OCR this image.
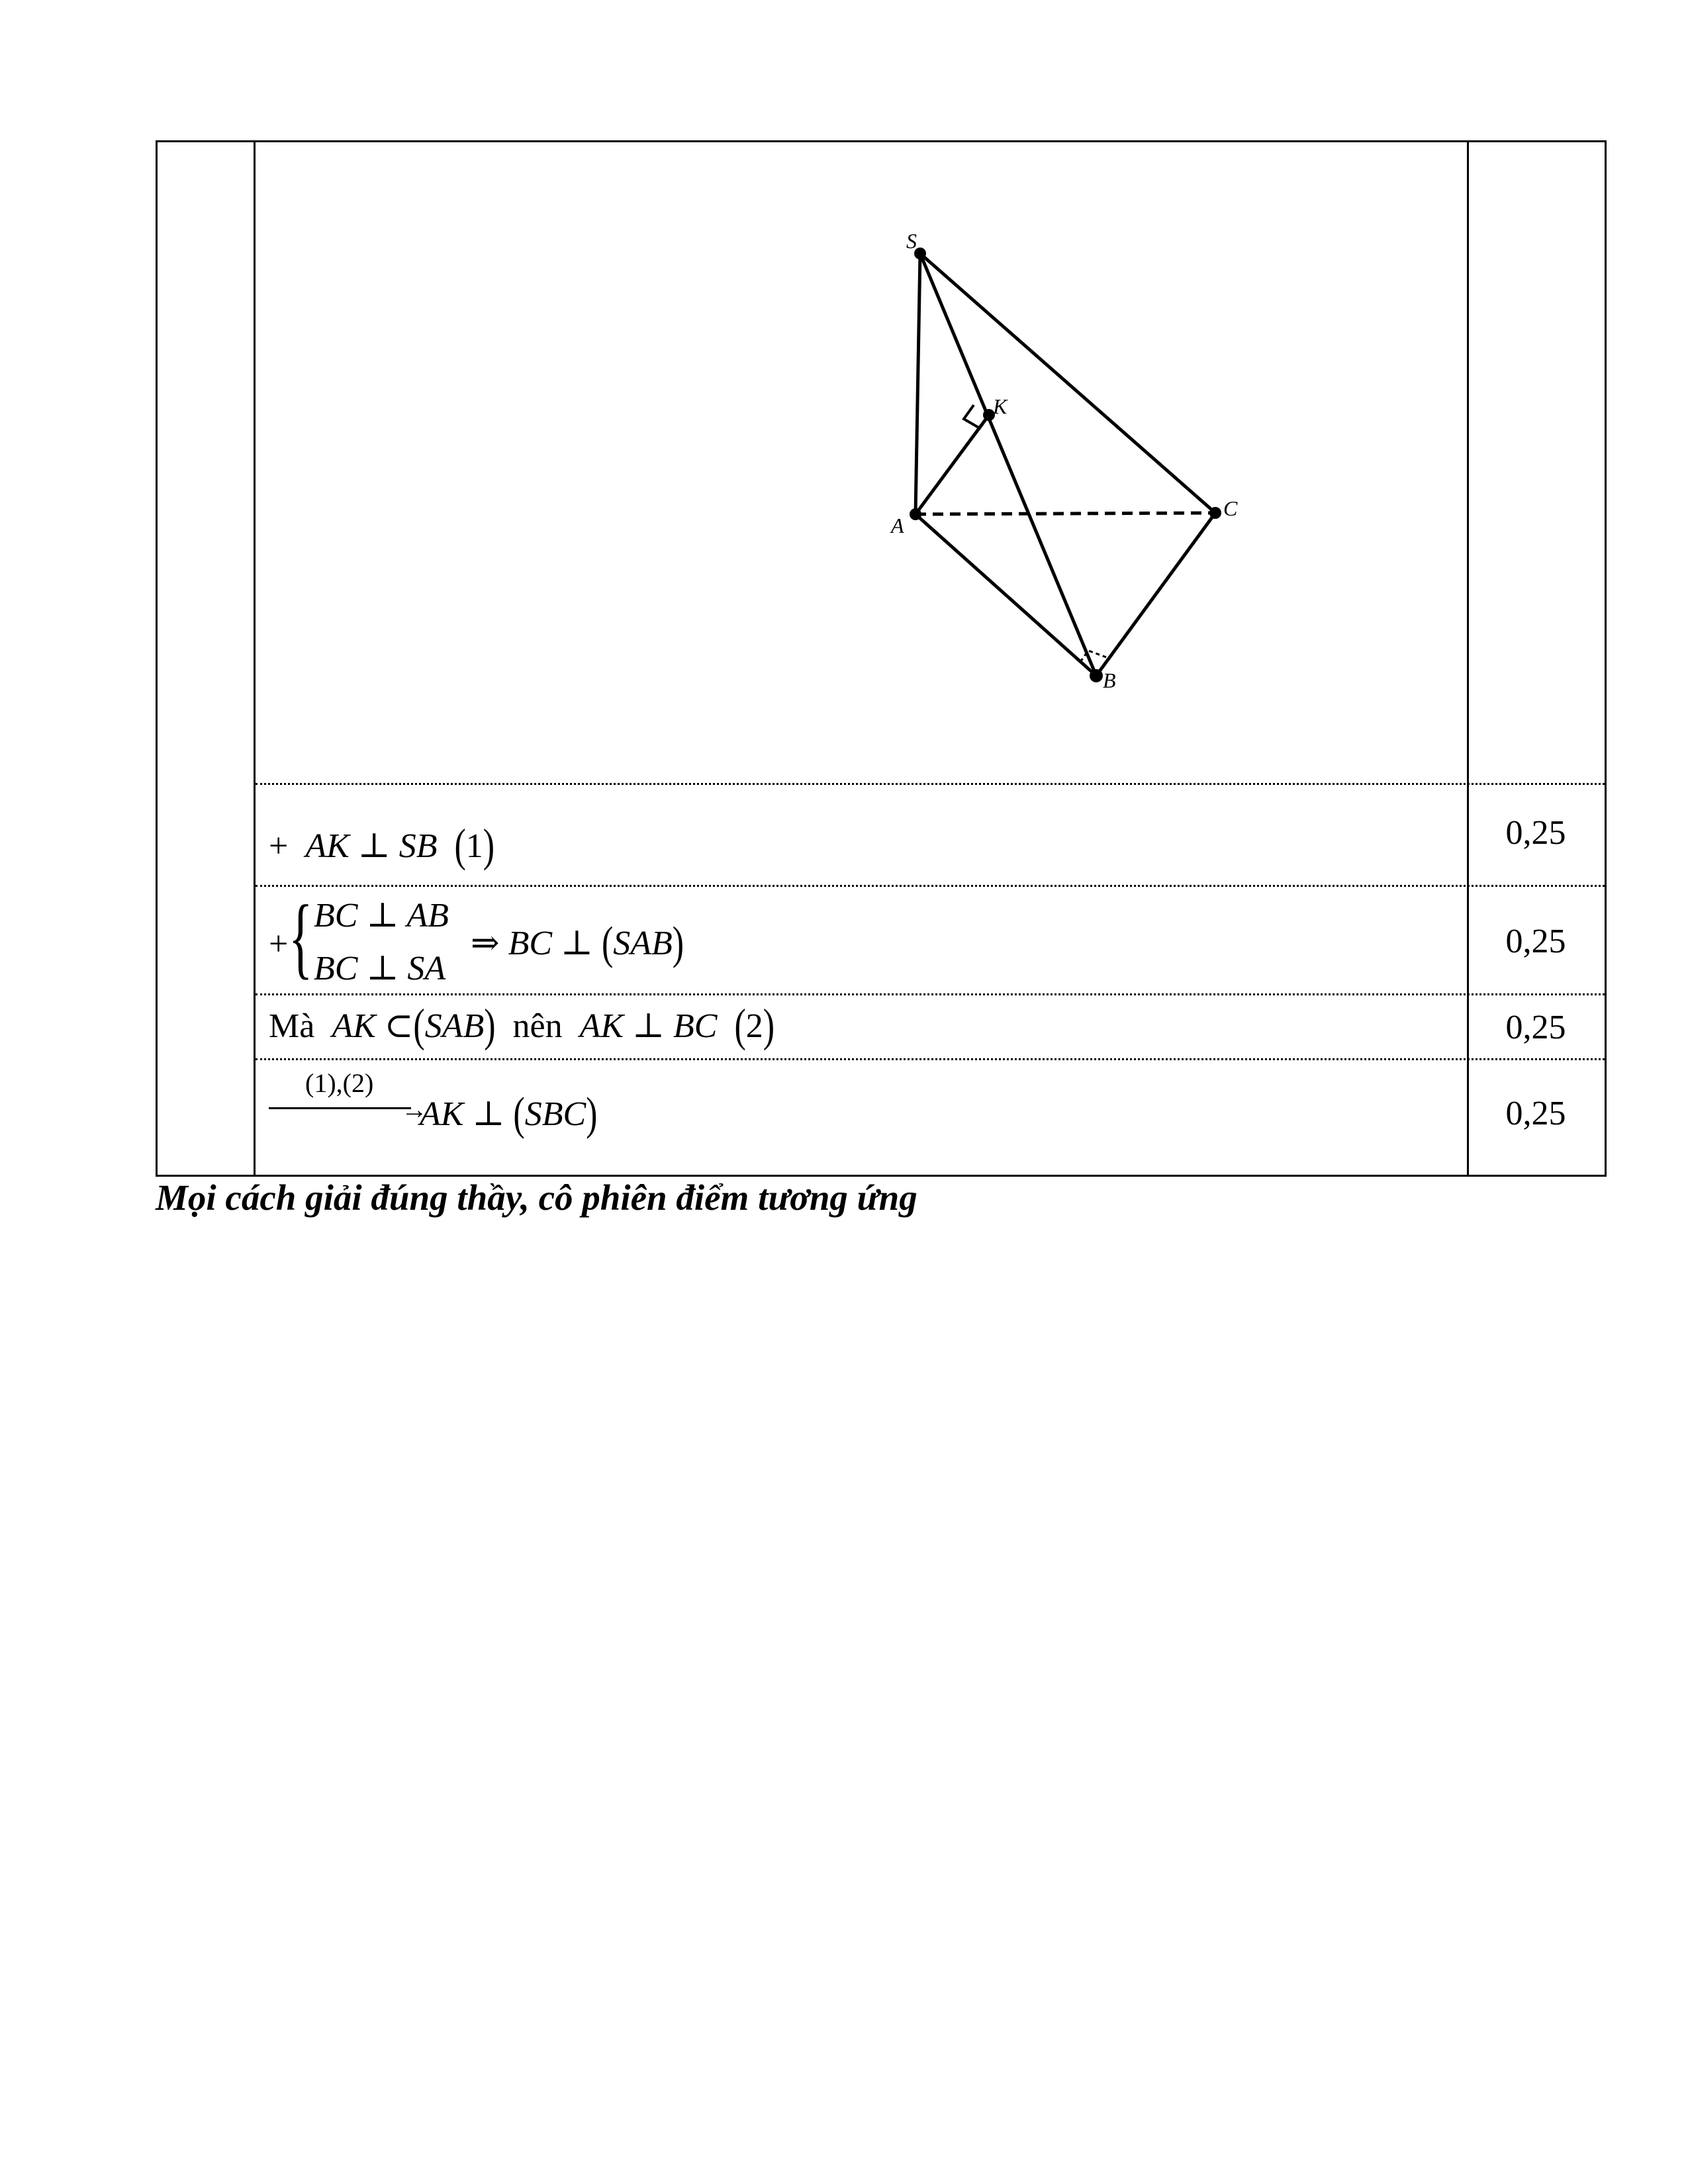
S
K
A
C
B
+ AK ⊥ SB (1)	0,25
+ { BC ⊥ AB
BC ⊥ SA
⇒ BC ⊥ (SAB)	0,25
Mà AK ⊂(SAB) nên AK ⊥ BC (2)	0,25
(1),(2)
→
AK ⊥ (SBC)	0,25
Mọi cách giải đúng thầy, cô phiên điểm tương ứng
